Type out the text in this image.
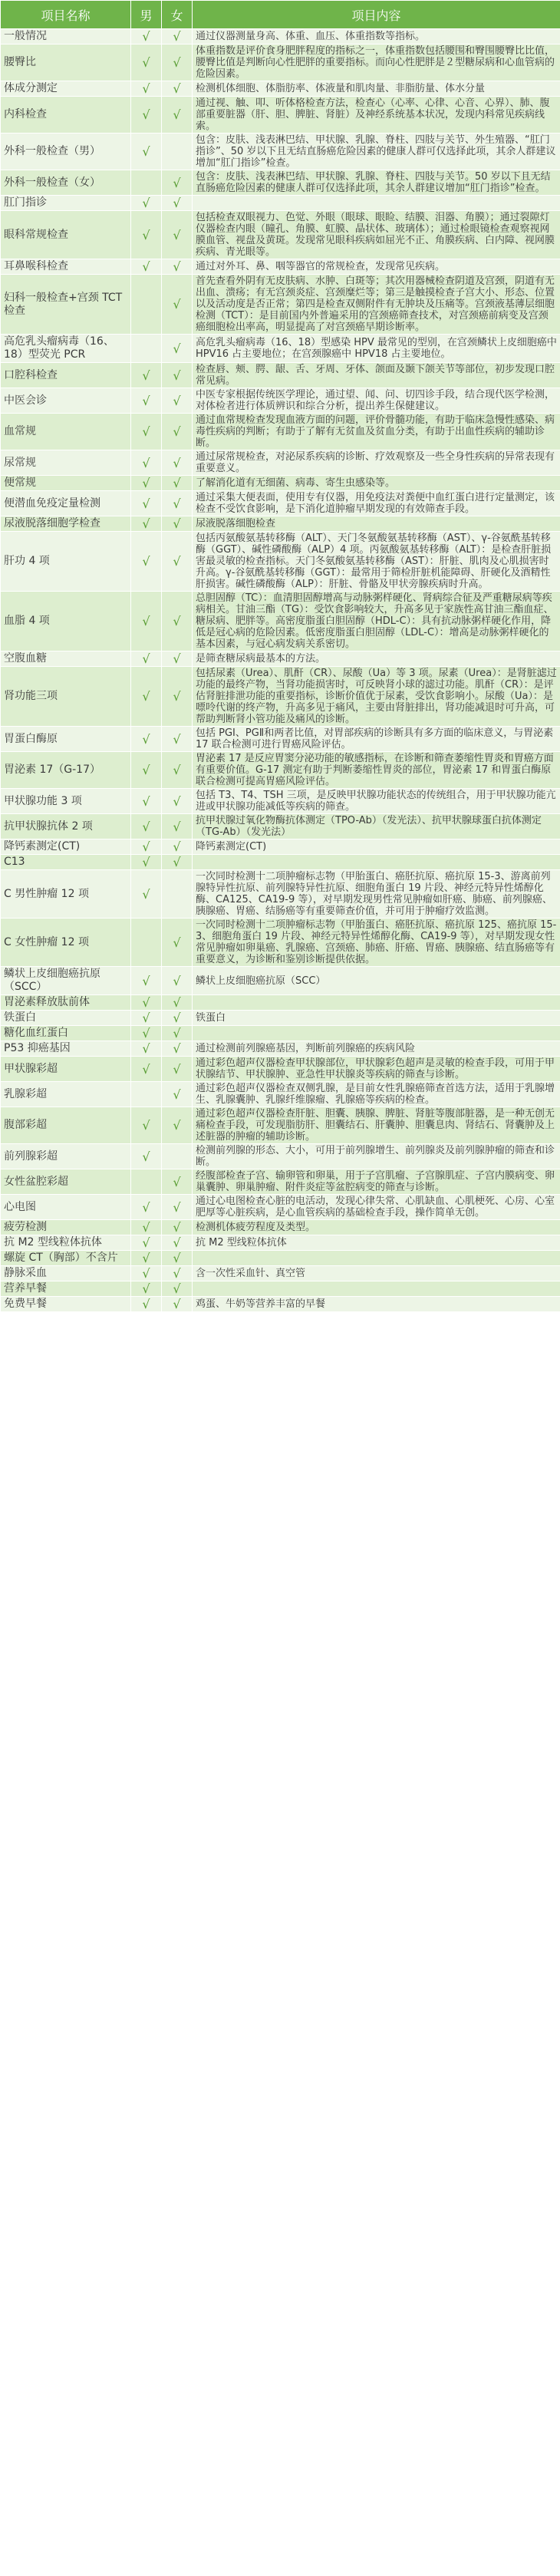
项目名称	男	女	项目内容
一般情况	√	√	通过仪器测量身高、体重、血压、体重指数等指标。
腰臀比	√	√	体重指数是评价食身肥胖程度的指标之一，体重指数包括腰围和臀围腰臀比比值，腰臀比值是判断向心性肥胖的重要指标。而向心性肥胖是２型糖尿病和心血管病的危险因素。
体成分测定	√	√	检测机体细胞、体脂肪率、体液量和肌肉量、非脂肪量、体水分量
内科检查	√	√	通过视、触、叩、听体格检查方法，检查心（心率、心律、心音、心界）、肺、腹部重要脏器（肝、胆、脾脏、肾脏）及神经系统基本状况，发现内科常见疾病线索。
外科一般检查（男）	√		包含：皮肤、浅表淋巴结、甲状腺、乳腺、脊柱、四肢与关节、外生殖器、“肛门指诊”、50 岁以下且无结直肠癌危险因素的健康人群可仅选择此项，其余人群建议增加“肛门指诊”检查。
外科一般检查（女）		√	包含：皮肤、浅表淋巴结、甲状腺、乳腺、脊柱、四肢与关节。50 岁以下且无结直肠癌危险因素的健康人群可仅选择此项，其余人群建议增加“肛门指诊”检查。
肛门指诊	√	√	
眼科常规检查	√	√	包括检查双眼视力、色觉、外眼（眼球、眼睑、结膜、泪器、角膜）；通过裂隙灯仪器检查内眼（瞳孔、角膜、虹膜、晶状体、玻璃体）；通过检眼镜检查观察视网膜血管、视盘及黄斑。发现常见眼科疾病如屈光不正、角膜疾病、白内障、视网膜疾病、青光眼等。
耳鼻喉科检查	√	√	通过对外耳、鼻、咽等器官的常规检查，发现常见疾病。
妇科一般检查+宫颈 TCT 检查		√	首先查看外阴有无皮肤病、水肿、白斑等；其次用器械检查阴道及宫颈，阴道有无出血、溃疡；有无宫颈炎症、宫颈糜烂等；第三是触摸检查子宫大小、形态、位置以及活动度是否正常；第四是检查双侧附件有无肿块及压痛等。宫颈液基薄层细胞检测（TCT）：是目前国内外普遍采用的宫颈癌筛查技术，对宫颈癌前病变及宫颈癌细胞检出率高，明显提高了对宫颈癌早期诊断率。
高危乳头瘤病毒（16、18）型荧光 PCR		√	高危乳头瘤病毒（16、18）型感染 HPV 最常见的型别，在宫颈鳞状上皮细胞癌中 HPV16 占主要地位；在宫颈腺癌中 HPV18 占主要地位。
口腔科检查	√	√	检查唇、颊、腭、龈、舌、牙周、牙体、颌面及颞下颌关节等部位，初步发现口腔常见病。
中医会诊	√	√	中医专家根据传统医学理论，通过望、闻、问、切四诊手段，结合现代医学检测，对体检者进行体质辨识和综合分析，提出养生保健建议。
血常规	√	√	通过血常规检查发现血液方面的问题，评价骨髓功能，有助于临床急慢性感染、病毒性疾病的判断；有助于了解有无贫血及贫血分类，有助于出血性疾病的辅助诊断。
尿常规	√	√	通过尿常规检查，对泌尿系疾病的诊断、疗效观察及一些全身性疾病的异常表现有重要意义。
便常规	√	√	了解消化道有无细菌、病毒、寄生虫感染等。
便潜血免疫定量检测	√	√	通过采集大便表面，使用专有仪器，用免疫法对粪便中血红蛋白进行定量测定，该检查不受饮食影响，是下消化道肿瘤早期发现的有效筛查手段。
尿液脱落细胞学检查	√	√	尿液脱落细胞检查
肝功 4 项	√	√	包括丙氨酸氨基转移酶（ALT）、天门冬氨酸氨基转移酶（AST）、γ-谷氨酰基转移酶（GGT）、碱性磷酸酶（ALP）4 项。丙氨酸氨基转移酶（ALT）：是检查肝脏损害最灵敏的检查指标。天门冬氨酸氨基转移酶（AST）：肝脏、肌肉及心肌损害时升高。γ-谷氨酰基转移酶（GGT）：最常用于筛检肝脏机能障碍、肝硬化及酒精性肝损害。碱性磷酸酶（ALP）：肝脏、骨骼及甲状旁腺疾病时升高。
血脂 4 项	√	√	总胆固醇（TC）：血清胆固醇增高与动脉粥样硬化、肾病综合征及严重糖尿病等疾病相关。甘油三酯（TG）：受饮食影响较大，升高多见于家族性高甘油三酯血症、糖尿病、肥胖等。高密度脂蛋白胆固醇（HDL-C）：具有抗动脉粥样硬化作用，降低是冠心病的危险因素。低密度脂蛋白胆固醇（LDL-C）：增高是动脉粥样硬化的基本因素，与冠心病发病关系密切。
空腹血糖	√	√	是筛查糖尿病最基本的方法。
肾功能三项	√	√	包括尿素（Urea）、肌酐（CR）、尿酸（Ua）等 3 项。尿素（Urea）：是肾脏滤过功能的最终产物，当肾功能损害时，可反映肾小球的滤过功能。肌酐（CR）：是评估肾脏排泄功能的重要指标，诊断价值优于尿素，受饮食影响小。尿酸（Ua）：是嘌呤代谢的终产物，升高多见于痛风，主要由肾脏排出，肾功能减退时可升高，可帮助判断肾小管功能及痛风的诊断。
胃蛋白酶原	√	√	包括 PGⅠ、PGⅡ和两者比值，对胃部疾病的诊断具有多方面的临床意义，与胃泌素 17 联合检测可进行胃癌风险评估。
胃泌素 17（G-17）	√	√	胃泌素 17 是反应胃窦分泌功能的敏感指标，在诊断和筛查萎缩性胃炎和胃癌方面有重要价值。G-17 测定有助于判断萎缩性胃炎的部位，胃泌素 17 和胃蛋白酶原联合检测可提高胃癌风险评估。
甲状腺功能 3 项	√	√	包括 T3、T4、TSH 三项，是反映甲状腺功能状态的传统组合，用于甲状腺功能亢进或甲状腺功能减低等疾病的筛查。
抗甲状腺抗体 2 项	√	√	抗甲状腺过氧化物酶抗体测定（TPO-Ab）（发光法）、抗甲状腺球蛋白抗体测定（TG-Ab）（发光法）
降钙素测定(CT)	√	√	降钙素测定(CT)
C13	√	√	
C 男性肿瘤 12 项	√		一次同时检测十二项肿瘤标志物（甲胎蛋白、癌胚抗原、癌抗原 15-3、游离前列腺特异性抗原、前列腺特异性抗原、细胞角蛋白 19 片段、神经元特异性烯醇化酶、CA125、CA19-9 等），对早期发现男性常见肿瘤如肝癌、肺癌、前列腺癌、胰腺癌、胃癌、结肠癌等有重要筛查价值，并可用于肿瘤疗效监测。
C 女性肿瘤 12 项		√	一次同时检测十二项肿瘤标志物（甲胎蛋白、癌胚抗原、癌抗原 125、癌抗原 15-3、细胞角蛋白 19 片段、神经元特异性烯醇化酶、CA19-9 等），对早期发现女性常见肿瘤如卵巢癌、乳腺癌、宫颈癌、肺癌、肝癌、胃癌、胰腺癌、结直肠癌等有重要意义，为诊断和鉴别诊断提供依据。
鳞状上皮细胞癌抗原（SCC）	√	√	鳞状上皮细胞癌抗原（SCC）
胃泌素释放肽前体	√	√	
铁蛋白	√	√	铁蛋白
糖化血红蛋白	√	√	
P53 抑癌基因	√	√	通过检测前列腺癌基因，判断前列腺癌的疾病风险
甲状腺彩超	√	√	通过彩色超声仪器检查甲状腺部位，甲状腺彩色超声是灵敏的检查手段，可用于甲状腺结节、甲状腺肿、亚急性甲状腺炎等疾病的筛查与诊断。
乳腺彩超		√	通过彩色超声仪器检查双侧乳腺，是目前女性乳腺癌筛查首选方法，适用于乳腺增生、乳腺囊肿、乳腺纤维腺瘤、乳腺癌等疾病的检查。
腹部彩超	√	√	通过彩色超声仪器检查肝脏、胆囊、胰腺、脾脏、肾脏等腹部脏器，是一种无创无痛检查手段，可发现脂肪肝、胆囊结石、肝囊肿、胆囊息肉、肾结石、肾囊肿及上述脏器的肿瘤的辅助诊断。
前列腺彩超	√		检测前列腺的形态、大小，可用于前列腺增生、前列腺炎及前列腺肿瘤的筛查和诊断。
女性盆腔彩超		√	经腹部检查子宫、输卵管和卵巢，用于子宫肌瘤、子宫腺肌症、子宫内膜病变、卵巢囊肿、卵巢肿瘤、附件炎症等盆腔病变的筛查与诊断。
心电图	√	√	通过心电图检查心脏的电活动，发现心律失常、心肌缺血、心肌梗死、心房、心室肥厚等心脏疾病，是心血管疾病的基础检查手段，操作简单无创。
疲劳检测	√	√	检测机体疲劳程度及类型。
抗 M2 型线粒体抗体	√	√	抗 M2 型线粒体抗体
螺旋 CT（胸部）不含片	√	√	
静脉采血	√	√	含一次性采血针、真空管
营养早餐	√	√	
免费早餐	√	√	鸡蛋、牛奶等营养丰富的早餐
